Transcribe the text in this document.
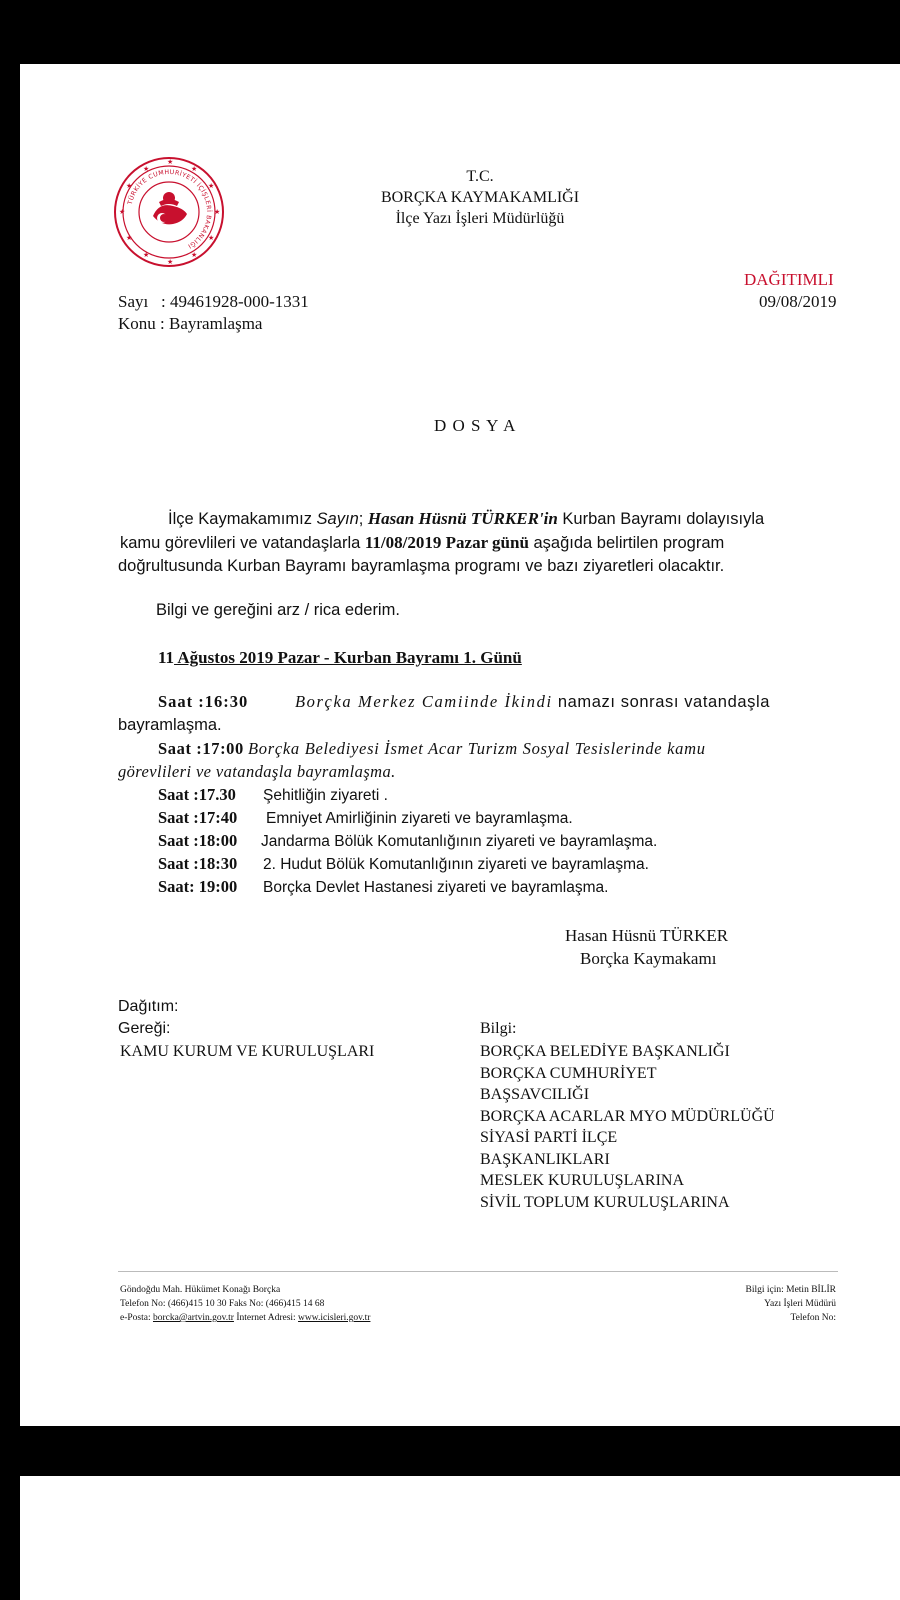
★
★
★
★
★
★
★
★
★
★
★
★
TÜRKİYE CUMHURİYETİ İÇİŞLERİ BAKANLIĞI
T.C.
BORÇKA KAYMAKAMLIĞI
İlçe Yazı İşleri Müdürlüğü
DAĞITIMLI
09/08/2019
Sayı : 49461928-000-1331
Konu : Bayramlaşma
D O S Y A
İlçe Kaymakamımız Sayın; Hasan Hüsnü TÜRKER'in Kurban Bayramı dolayısıyla
kamu görevlileri ve vatandaşlarla 11/08/2019 Pazar günü aşağıda belirtilen program
doğrultusunda Kurban Bayramı bayramlaşma programı ve bazı ziyaretleri olacaktır.
Bilgi ve gereğini arz / rica ederim.
11 Ağustos 2019 Pazar - Kurban Bayramı 1. Günü
Saat :16:30	Borçka Merkez Camiinde İkindi namazı sonrası vatandaşla
bayramlaşma.
Saat :17:00 Borçka Belediyesi İsmet Acar Turizm Sosyal Tesislerinde kamu
görevlileri ve vatandaşla bayramlaşma.
Saat :17.30 Şehitliğin ziyareti .
Saat :17:40 Emniyet Amirliğinin ziyareti ve bayramlaşma.
Saat :18:00 Jandarma Bölük Komutanlığının ziyareti ve bayramlaşma.
Saat :18:30 2. Hudut Bölük Komutanlığının ziyareti ve bayramlaşma.
Saat: 19:00 Borçka Devlet Hastanesi ziyareti ve bayramlaşma.
Hasan Hüsnü TÜRKER
Borçka Kaymakamı
Dağıtım:
Gereği:
KAMU KURUM VE KURULUŞLARI
Bilgi:
BORÇKA BELEDİYE BAŞKANLIĞI
BORÇKA CUMHURİYET
BAŞSAVCILIĞI
BORÇKA ACARLAR MYO MÜDÜRLÜĞÜ
SİYASİ PARTİ İLÇE
BAŞKANLIKLARI
MESLEK KURULUŞLARINA
SİVİL TOPLUM KURULUŞLARINA
Göndoğdu Mah. Hükümet Konağı Borçka
Telefon No: (466)415 10 30 Faks No: (466)415 14 68
e-Posta: borcka@artvin.gov.tr İnternet Adresi: www.icisleri.gov.tr
Bilgi için: Metin BİLİR
Yazı İşleri Müdürü
Telefon No:
